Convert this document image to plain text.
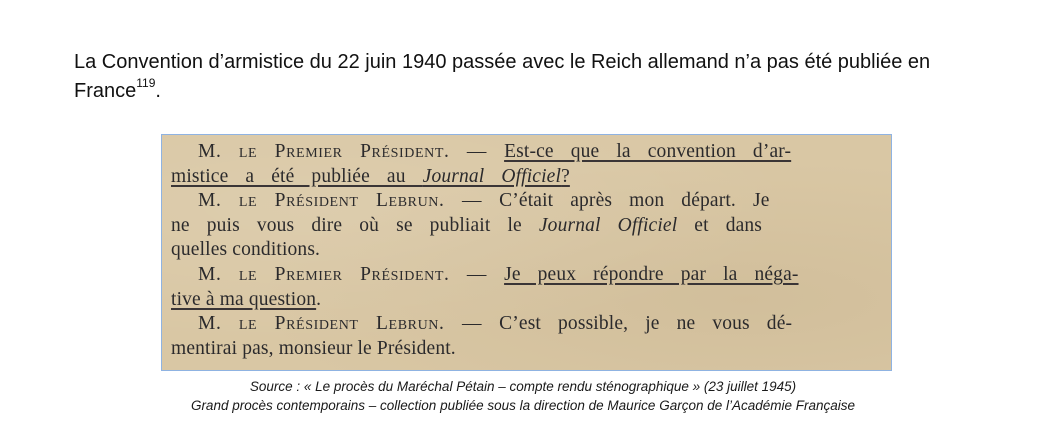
La Convention d’armistice du 22 juin 1940 passée avec le Reich allemand n’a pas été publiée en France$^{119}$.
M. le Premier Président. — Est-ce que la convention d’ar-
mistice a été publiée au Journal Officiel?
M. le Président Lebrun. — C’était après mon départ. Je
ne puis vous dire où se publiait le Journal Officiel et dans
quelles conditions.
M. le Premier Président. — Je peux répondre par la néga-
tive à ma question.
M. le Président Lebrun. — C’est possible, je ne vous dé-
mentirai pas, monsieur le Président.
Source : « Le procès du Maréchal Pétain – compte rendu sténographique » (23 juillet 1945)
Grand procès contemporains – collection publiée sous la direction de Maurice Garçon de l’Académie Française
